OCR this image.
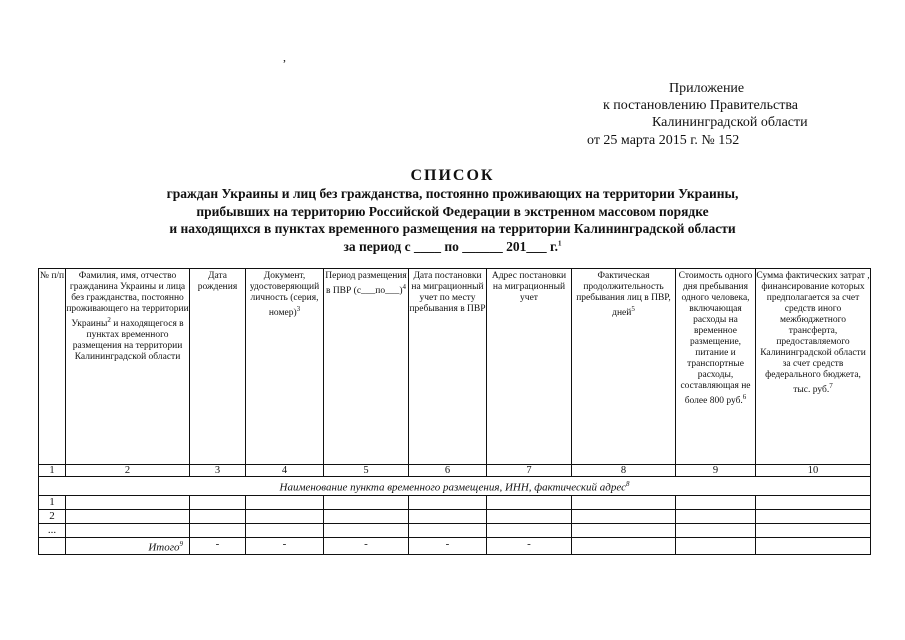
,
Приложение
к постановлению Правительства
Калининградской области
от 25 марта 2015 г. № 152
СПИСОК
граждан Украины и лиц без гражданства, постоянно проживающих на территории Украины,
прибывших на территорию Российской Федерации в экстренном массовом порядке
и находящихся в пунктах временного размещения на территории Калининградской области
за период с ____ по ______ 201___ г.$^1$
№ п/п	Фамилия, имя, отчество гражданина Украины и лица без гражданства, постоянно проживающего на территории Украины$^2$ и находящегося в пунктах временного размещения на территории Калининградской области	Дата рождения	Документ, удостоверяющий личность (серия, номер)$^3$	Период размещения в ПВР (с___по___)$^4$	Дата постановки на миграционный учет по месту пребывания в ПВР	Адрес постановки на миграционный учет	Фактическая продолжительность пребывания лиц в ПВР, дней$^5$	Стоимость одного дня пребывания одного человека, включающая расходы на временное размещение, питание и транспортные расходы, составляющая не более 800 руб.$^6$	Сумма фактических затрат , финансирование которых предполагается за счет средств иного межбюджетного трансферта, предоставляемого Калининградской области за счет средств федерального бюджета, тыс. руб.$^7$
1	2	3	4	5	6	7	8	9	10
Наименование пункта временного размещения, ИНН, фактический адрес$^8$
1									
2									
...									
	Итого$^9$	-	-	-	-	-			
